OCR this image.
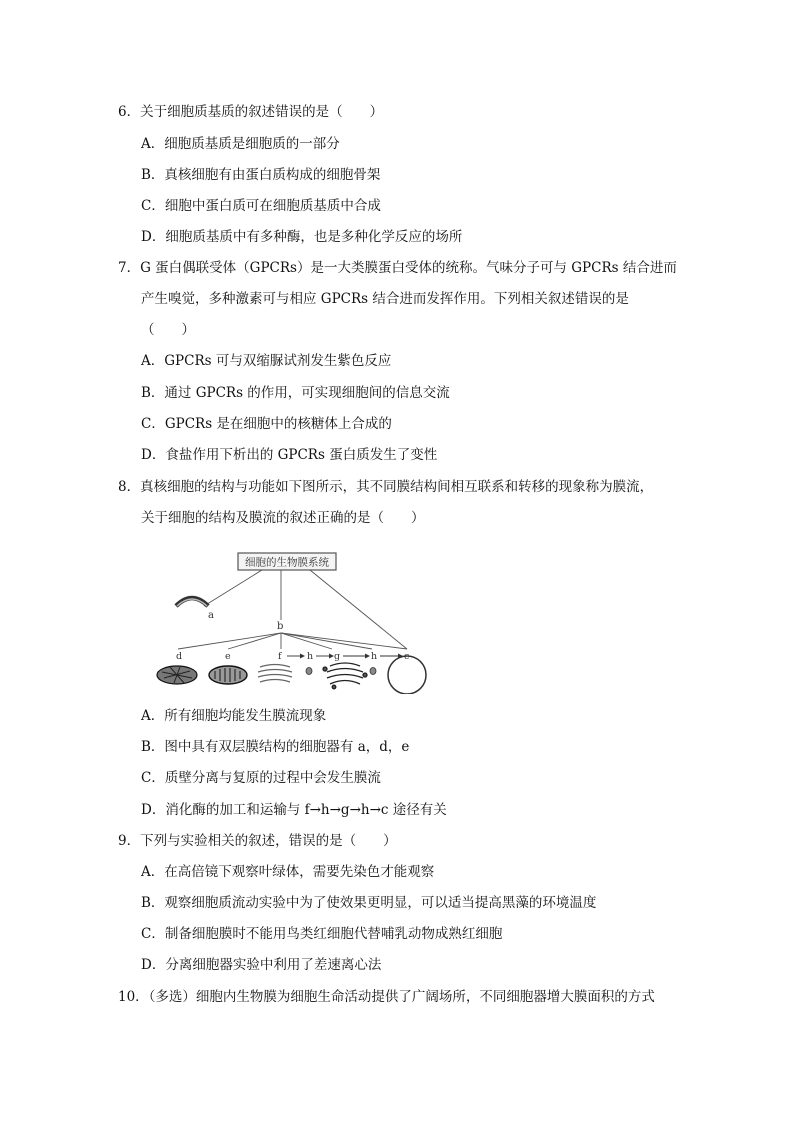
6．关于细胞质基质的叙述错误的是（　　）
A．细胞质基质是细胞质的一部分
B．真核细胞有由蛋白质构成的细胞骨架
C．细胞中蛋白质可在细胞质基质中合成
D．细胞质基质中有多种酶，也是多种化学反应的场所
7．G 蛋白偶联受体（GPCRs）是一大类膜蛋白受体的统称。气味分子可与 GPCRs 结合进而
产生嗅觉，多种激素可与相应 GPCRs 结合进而发挥作用。下列相关叙述错误的是
（　　）
A．GPCRs 可与双缩脲试剂发生紫色反应
B．通过 GPCRs 的作用，可实现细胞间的信息交流
C．GPCRs 是在细胞中的核糖体上合成的
D．食盐作用下析出的 GPCRs 蛋白质发生了变性
8．真核细胞的结构与功能如下图所示，其不同膜结构间相互联系和转移的现象称为膜流，
关于细胞的结构及膜流的叙述正确的是（　　）
细胞的生物膜系统
a
b
d	e	f	h g	h	c
A．所有细胞均能发生膜流现象
B．图中具有双层膜结构的细胞器有 a，d，e
C．质壁分离与复原的过程中会发生膜流
D．消化酶的加工和运输与 f→h→g→h→c 途径有关
9．下列与实验相关的叙述，错误的是（　　）
A．在高倍镜下观察叶绿体，需要先染色才能观察
B．观察细胞质流动实验中为了使效果更明显，可以适当提高黑藻的环境温度
C．制备细胞膜时不能用鸟类红细胞代替哺乳动物成熟红细胞
D．分离细胞器实验中利用了差速离心法
10．（多选）细胞内生物膜为细胞生命活动提供了广阔场所，不同细胞器增大膜面积的方式
